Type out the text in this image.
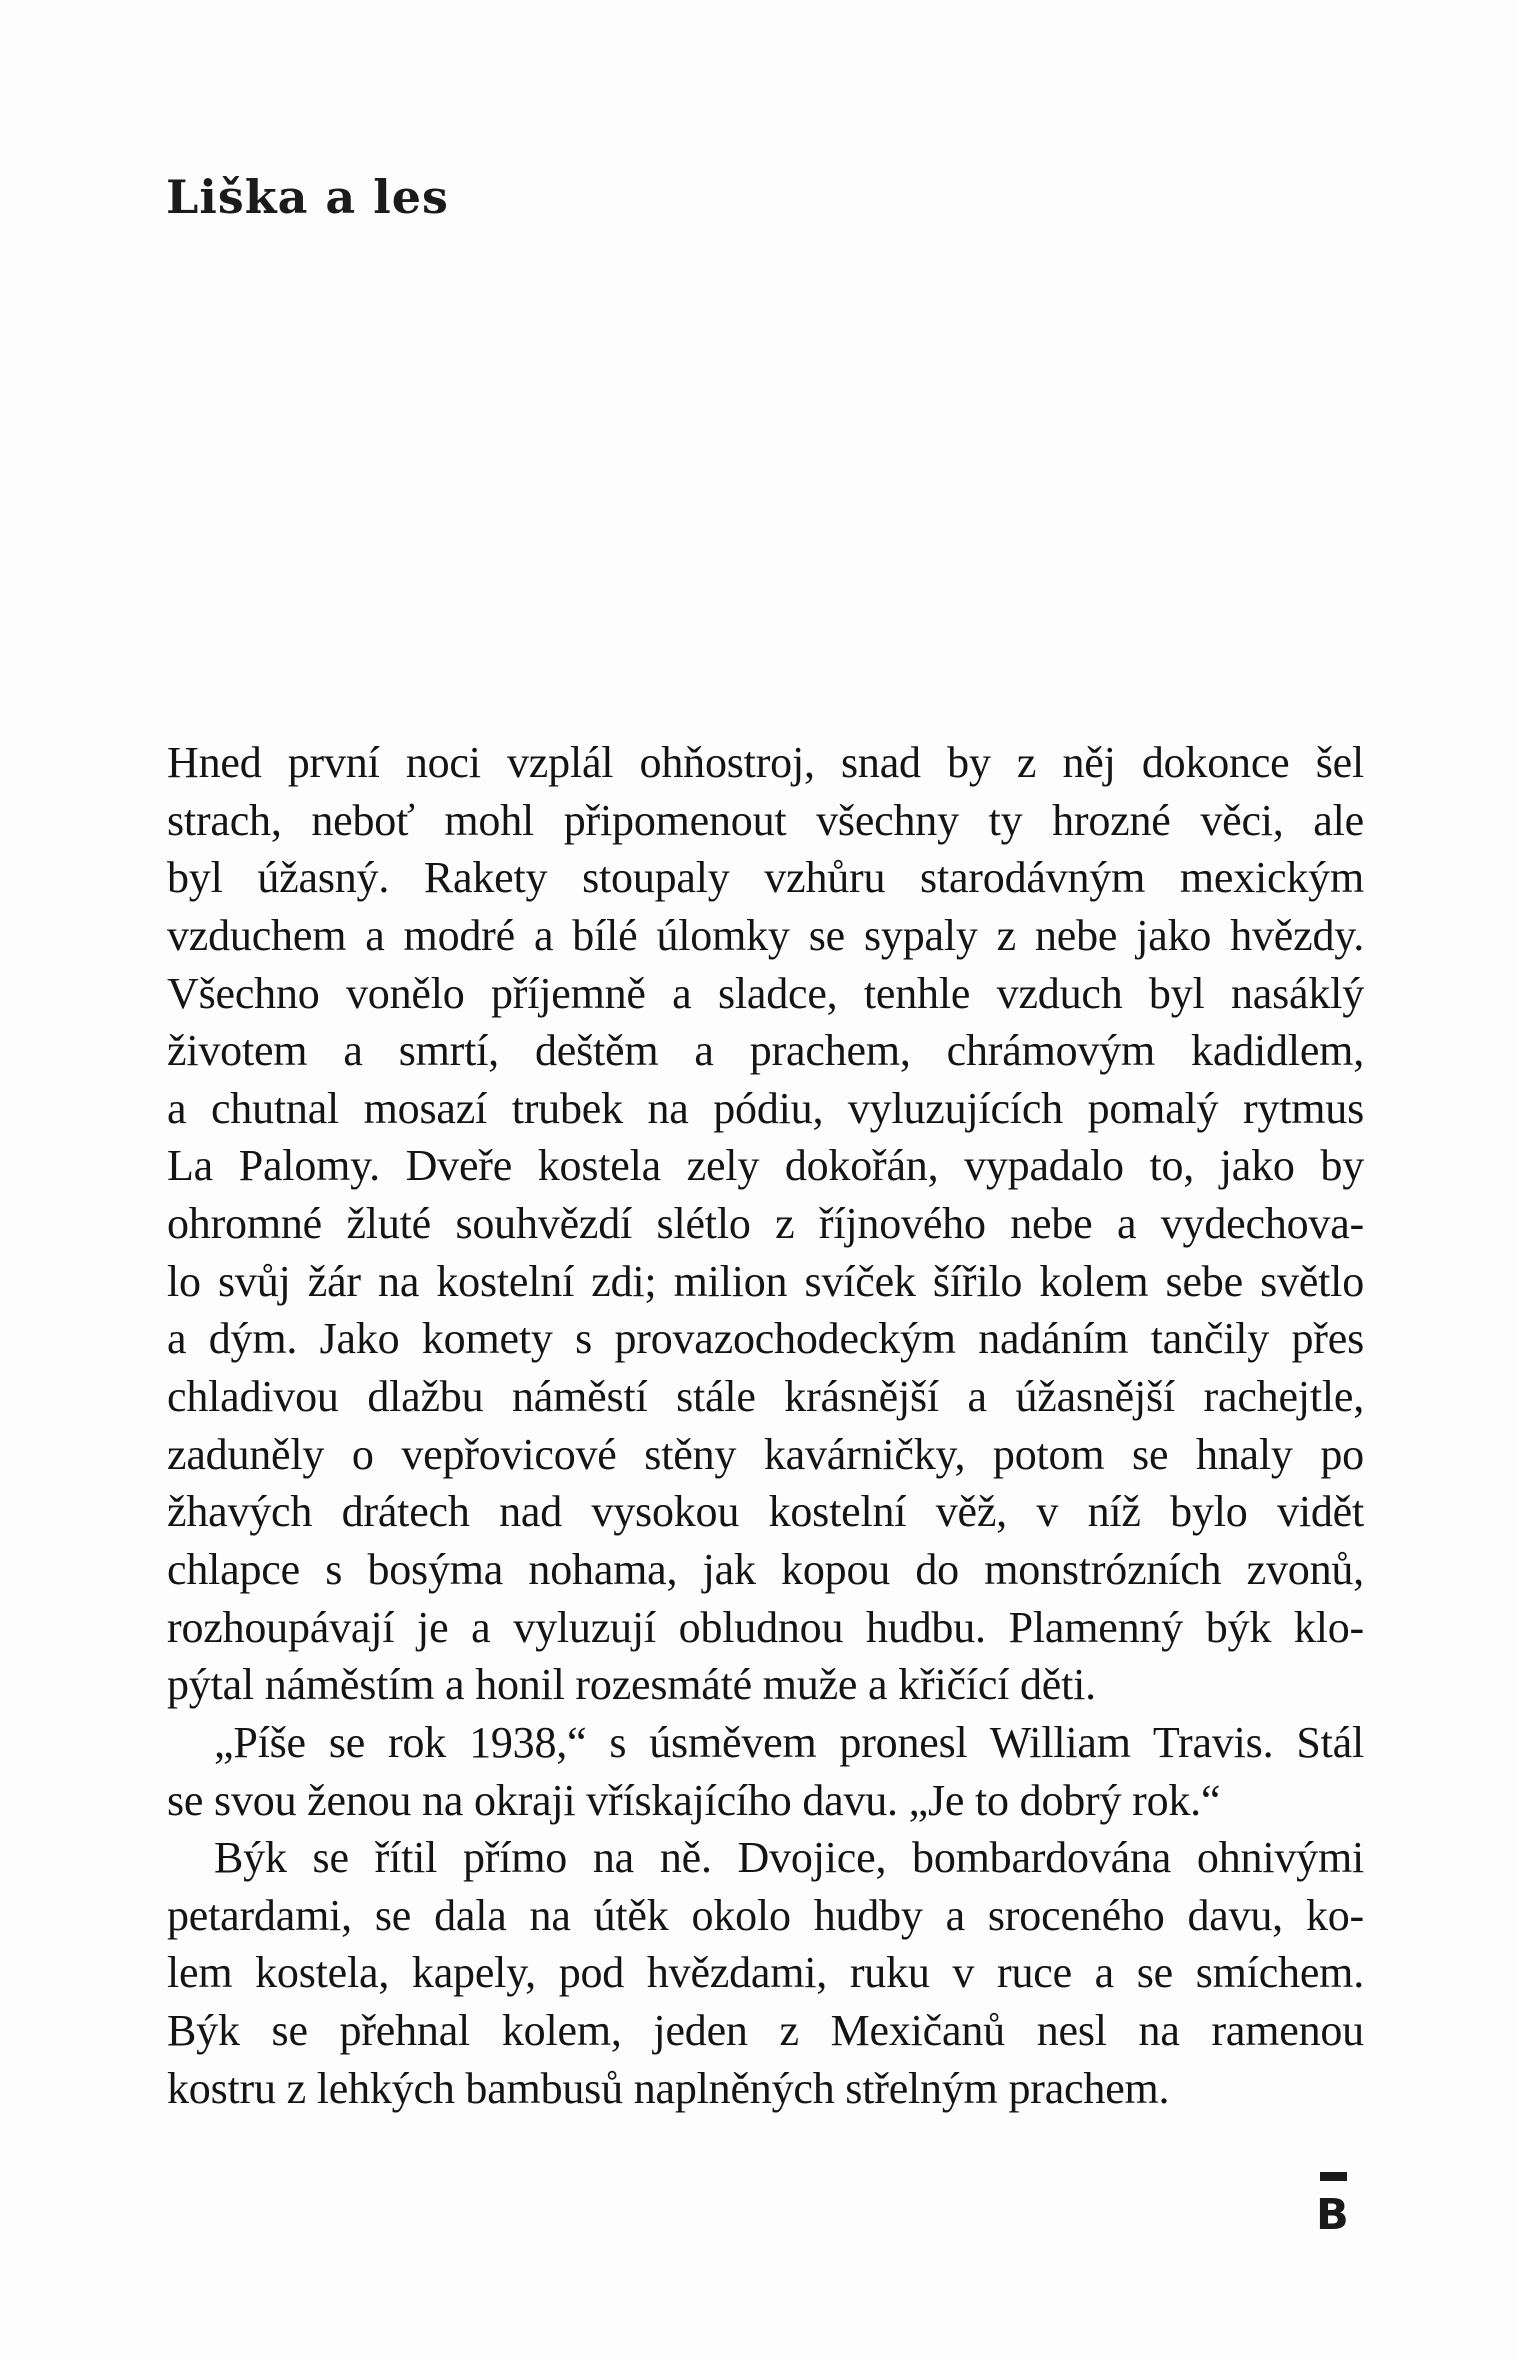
Liška a les
Hned první noci vzplál ohňostroj, snad by z něj dokonce šel
strach, neboť mohl připomenout všechny ty hrozné věci, ale
byl úžasný. Rakety stoupaly vzhůru starodávným mexickým
vzduchem a modré a bílé úlomky se sypaly z nebe jako hvězdy.
Všechno vonělo příjemně a sladce, tenhle vzduch byl nasáklý
životem a smrtí, deštěm a prachem, chrámovým kadidlem,
a chutnal mosazí trubek na pódiu, vyluzujících pomalý rytmus
La Palomy. Dveře kostela zely dokořán, vypadalo to, jako by
ohromné žluté souhvězdí slétlo z říjnového nebe a vydechova-
lo svůj žár na kostelní zdi; milion svíček šířilo kolem sebe světlo
a dým. Jako komety s provazochodeckým nadáním tančily přes
chladivou dlažbu náměstí stále krásnější a úžasnější rachejtle,
zaduněly o vepřovicové stěny kavárničky, potom se hnaly po
žhavých drátech nad vysokou kostelní věž, v níž bylo vidět
chlapce s bosýma nohama, jak kopou do monstrózních zvonů,
rozhoupávají je a vyluzují obludnou hudbu. Plamenný býk klo-
pýtal náměstím a honil rozesmáté muže a křičící děti.
„Píše se rok 1938,“ s úsměvem pronesl William Travis. Stál
se svou ženou na okraji vřískajícího davu. „Je to dobrý rok.“
Býk se řítil přímo na ně. Dvojice, bombardována ohnivými
petardami, se dala na útěk okolo hudby a sroceného davu, ko-
lem kostela, kapely, pod hvězdami, ruku v ruce a se smíchem.
Býk se přehnal kolem, jeden z Mexičanů nesl na ramenou
kostru z lehkých bambusů naplněných střelným prachem.
B
